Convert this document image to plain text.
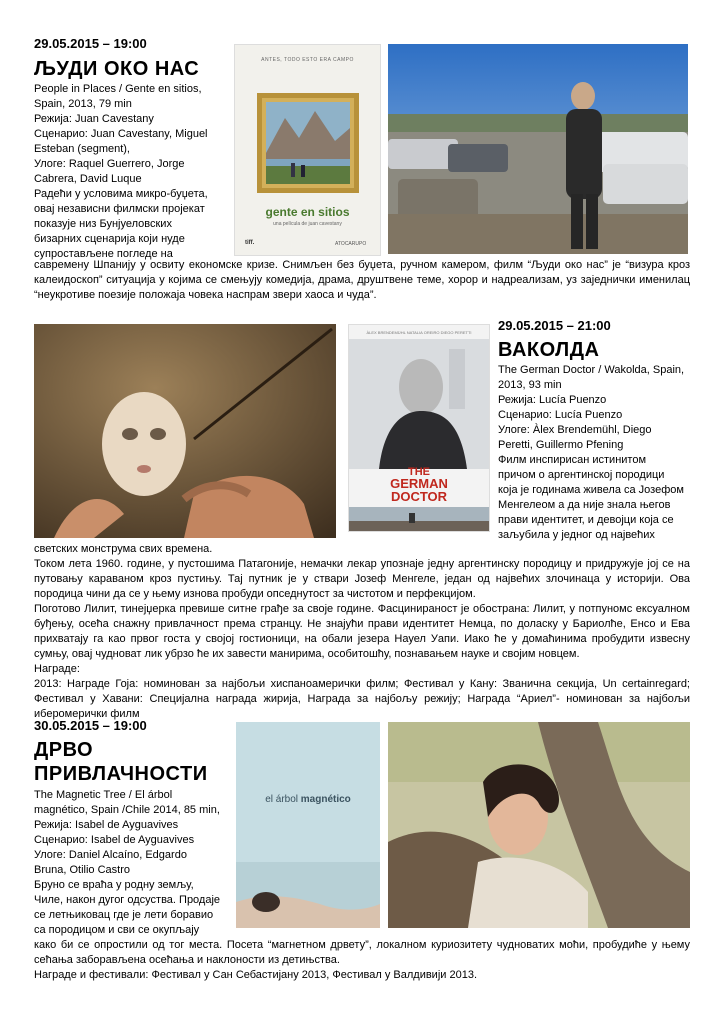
29.05.2015 – 19:00
ЉУДИ ОКО НАС
People in Places / Gente en sitios,
Spain, 2013, 79 min
Режија: Juan Cavestany
Сценарио: Juan Cavestany, Miguel
Esteban (segment),
Улоге: Raquel Guerrero, Jorge
Cabrera, David Luque
Радећи у условима микро-буџета,
овај независни филмски пројекат
показује низ Бунјуеловских
бизарних сценарија који нуде
супростављене погледе на
ANTES, TODO ESTO ERA CAMPO
gente en sitios
una película de juan cavestany
tiff.	ATOCARUPO
савремену Шпанију у освиту економске кризе. Снимљен без буџета, ручном камером, филм “Људи око нас” је “визура кроз калеидоскоп” ситуација у којима се смењују комедија, драма, друштвене теме, хорор и надреализам, уз заједнички именилац “неукротиве поезије положаја човека наспрам звери хаоса и чуда”.
ÀLEX BRENDEMÜHL NATALIA OREIRO DIEGO PERETTI
THE
GERMAN
DOCTOR
29.05.2015 – 21:00
ВАКОЛДА
The German Doctor / Wakolda, Spain,
2013, 93 min
Режија: Lucía Puenzo
Сценарио: Lucía Puenzo
Улоге: Àlex Brendemühl, Diego
Peretti, Guillermo Pfening
Филм инспирисан истинитом
причом о аргентинској породици
која је годинама живела са Јозефом
Менгелеом а да није знала његов
прави идентитет, и девојци која се
заљубила у једног од највећих
светских монструма свих времена.
Током лета 1960. године, у пустошима Патагоније, немачки лекар упознаје једну аргентинску породицу и придружује јој се на путовању караваном кроз пустињу. Тај путник је у ствари Јозеф Менгеле, један од највећих злочинаца у историји. Ова породица чини да се у њему изнова пробуди опседнутост за чистотом и перфекцијом.
Поготово Лилит, тинејџерка превише ситне грађе за своје године. Фасцинираност је обострана: Лилит, у потпуномс ексуалном буђењу, осећа снажну привлачност према странцу. Не знајући прави идентитет Немца, по доласку у Бариолће, Енсо и Ева прихватају га као првог госта у својој гостионици, на обали језера Науел Уапи. Иако ће у домаћинима пробудити извесну сумњу, овај чудноват лик убрзо ће их завести манирима, особитошћу, познавањем науке и својим новцем.
Награде:
2013: Награде Гоја: номинован за најбољи хиспаноамерички филм; Фестивал у Кану: Званична секција, Un certainregard; Фестивал у Хавани: Специјална награда жирија, Награда за најбољу режију; Награда “Ариел”- номинован за најбољи иберомерички филм
30.05.2015 – 19:00
ДРВО
ПРИВЛАЧНОСТИ
The Magnetic Tree / El árbol
magnético, Spain /Chile 2014, 85 min,
Режија: Isabel de Ayguavives
Сценарио: Isabel de Ayguavives
Улоге: Daniel Alcaíno, Edgardo
Bruna, Otilio Castro
Бруно се враћа у родну земљу,
Чиле, након дугог одсуства. Продаје
се летњиковац где је лети боравио
са породицом и сви се окупљају
el árbol magnético
како би се опростили од тог места. Посета “магнетном дрвету”, локалном куриозитету чудноватих моћи, пробудиће у њему сећања заборављена осећања и наклоности из детињства.
Награде и фестивали: Фестивал у Сан Себастијану 2013, Фестивал у Валдивији 2013.
